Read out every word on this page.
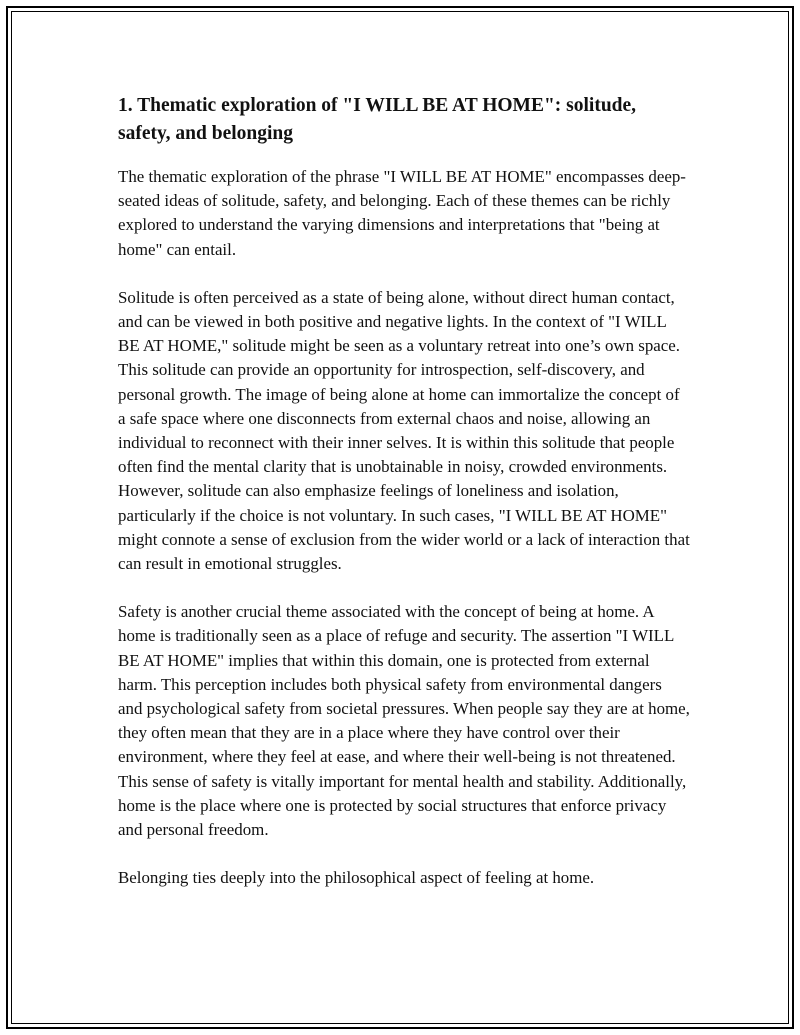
1. Thematic exploration of "I WILL BE AT HOME": solitude, safety, and belonging

The thematic exploration of the phrase "I WILL BE AT HOME" encompasses deep-seated ideas of solitude, safety, and belonging. Each of these themes can be richly explored to understand the varying dimensions and interpretations that "being at home" can entail.

Solitude is often perceived as a state of being alone, without direct human contact, and can be viewed in both positive and negative lights. In the context of "I WILL BE AT HOME," solitude might be seen as a voluntary retreat into one’s own space. This solitude can provide an opportunity for introspection, self-discovery, and personal growth. The image of being alone at home can immortalize the concept of a safe space where one disconnects from external chaos and noise, allowing an individual to reconnect with their inner selves. It is within this solitude that people often find the mental clarity that is unobtainable in noisy, crowded environments. However, solitude can also emphasize feelings of loneliness and isolation, particularly if the choice is not voluntary. In such cases, "I WILL BE AT HOME" might connote a sense of exclusion from the wider world or a lack of interaction that can result in emotional struggles.

Safety is another crucial theme associated with the concept of being at home. A home is traditionally seen as a place of refuge and security. The assertion "I WILL BE AT HOME" implies that within this domain, one is protected from external harm. This perception includes both physical safety from environmental dangers and psychological safety from societal pressures. When people say they are at home, they often mean that they are in a place where they have control over their environment, where they feel at ease, and where their well-being is not threatened. This sense of safety is vitally important for mental health and stability. Additionally, home is the place where one is protected by social structures that enforce privacy and personal freedom.

Belonging ties deeply into the philosophical aspect of feeling at home.
